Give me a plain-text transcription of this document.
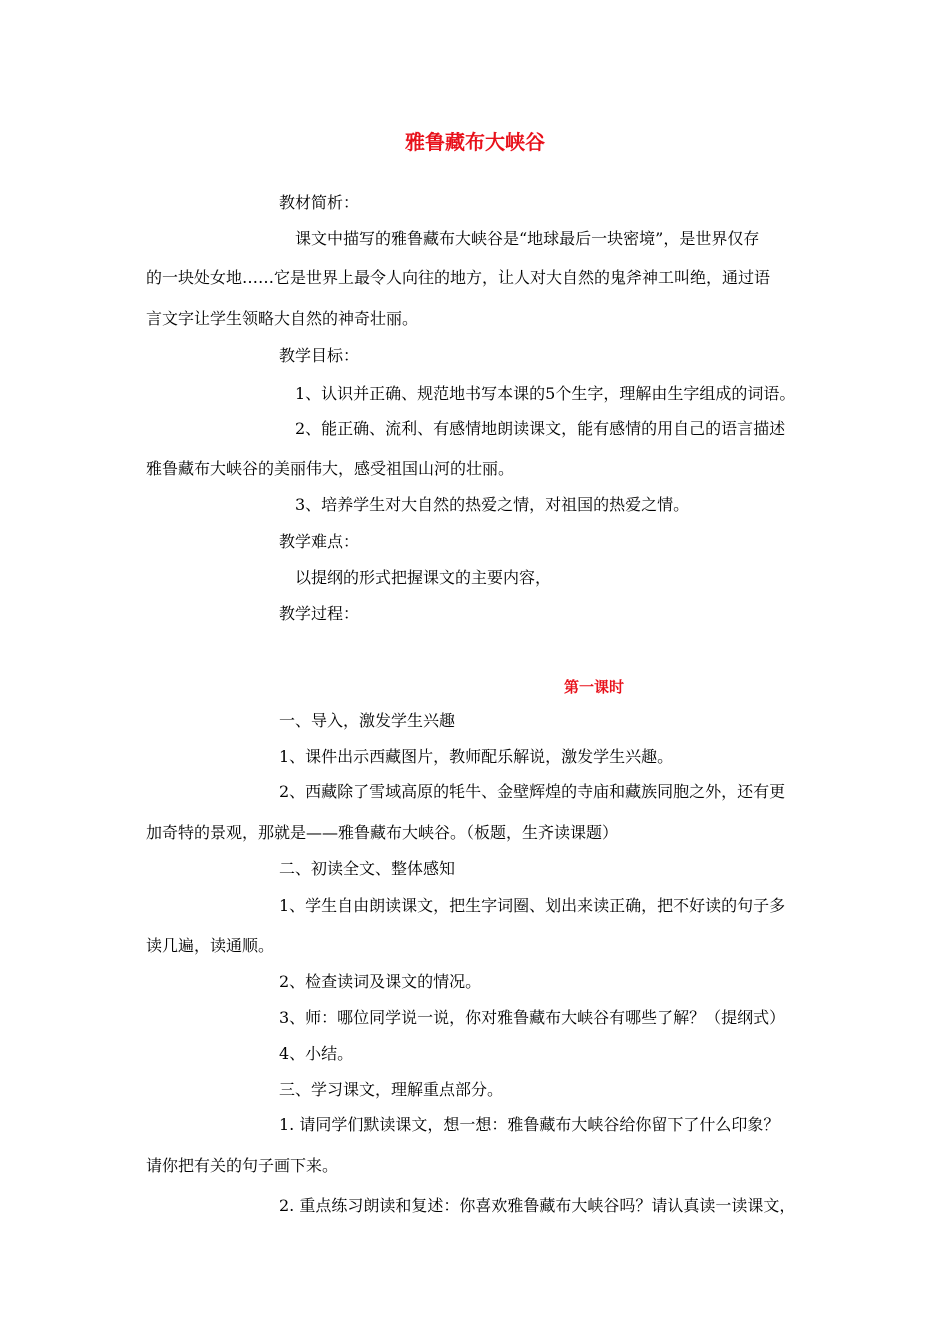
雅鲁藏布大峡谷
教材简析：
课文中描写的雅鲁藏布大峡谷是“地球最后一块密境”，是世界仅存
的一块处女地……它是世界上最令人向往的地方，让人对大自然的鬼斧神工叫绝，通过语
言文字让学生领略大自然的神奇壮丽。
教学目标：
1、认识并正确、规范地书写本课的5个生字，理解由生字组成的词语。
2、能正确、流利、有感情地朗读课文，能有感情的用自己的语言描述
雅鲁藏布大峡谷的美丽伟大，感受祖国山河的壮丽。
3、培养学生对大自然的热爱之情，对祖国的热爱之情。
教学难点：
以提纲的形式把握课文的主要内容，
教学过程：
第一课时
一、导入，激发学生兴趣
1、课件出示西藏图片，教师配乐解说，激发学生兴趣。
2、西藏除了雪域高原的牦牛、金壁辉煌的寺庙和藏族同胞之外，还有更
加奇特的景观，那就是——雅鲁藏布大峡谷。（板题，生齐读课题）
二、初读全文、整体感知
1、学生自由朗读课文，把生字词圈、划出来读正确，把不好读的句子多
读几遍，读通顺。
2、检查读词及课文的情况。
3、师：哪位同学说一说，你对雅鲁藏布大峡谷有哪些了解？（提纲式）
4、小结。
三、学习课文，理解重点部分。
1. 请同学们默读课文，想一想：雅鲁藏布大峡谷给你留下了什么印象？
请你把有关的句子画下来。
2. 重点练习朗读和复述：你喜欢雅鲁藏布大峡谷吗？请认真读一读课文，
